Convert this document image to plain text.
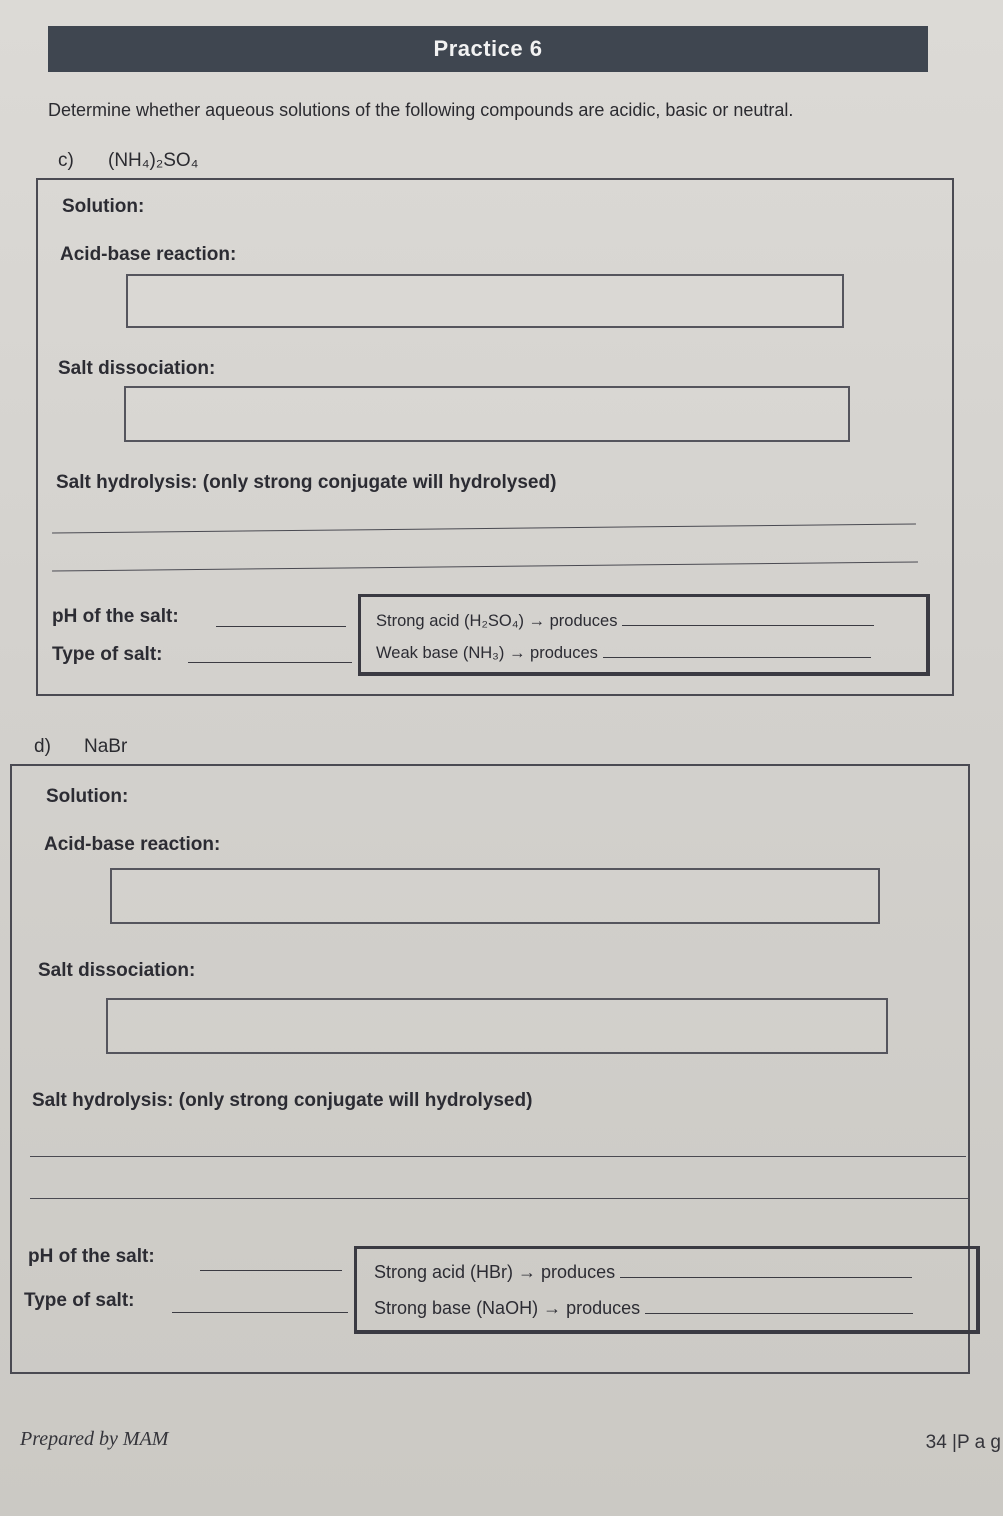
Practice 6
Determine whether aqueous solutions of the following compounds are acidic, basic or neutral.
c) (NH₄)₂SO₄
Solution:
Acid-base reaction:
Salt dissociation:
Salt hydrolysis: (only strong conjugate will hydrolysed)
pH of the salt:
Type of salt:
Strong acid (H₂SO₄) → produces
Weak base (NH₃) → produces
d) NaBr
Solution:
Acid-base reaction:
Salt dissociation:
Salt hydrolysis: (only strong conjugate will hydrolysed)
pH of the salt:
Type of salt:
Strong acid (HBr) → produces
Strong base (NaOH) → produces
Prepared by MAM	34 |P a g
